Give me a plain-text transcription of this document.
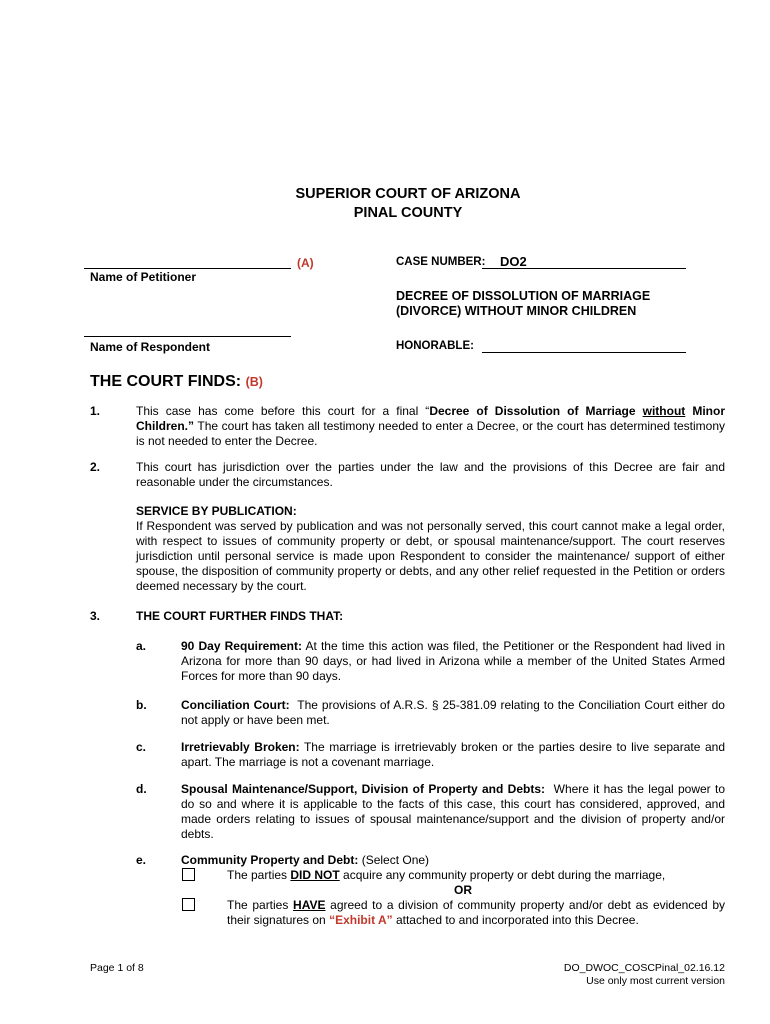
SUPERIOR COURT OF ARIZONA
PINAL COUNTY
(A)
Name of Petitioner
Name of Respondent
CASE NUMBER: DO2
DECREE OF DISSOLUTION OF MARRIAGE
(DIVORCE) WITHOUT MINOR CHILDREN
HONORABLE:
THE COURT FINDS: (B)
1.	This case has come before this court for a final “Decree of Dissolution of Marriage without Minor Children.” The court has taken all testimony needed to enter a Decree, or the court has determined testimony is not needed to enter the Decree.
2.	This court has jurisdiction over the parties under the law and the provisions of this Decree are fair and reasonable under the circumstances.
SERVICE BY PUBLICATION:
If Respondent was served by publication and was not personally served, this court cannot make a legal order, with respect to issues of community property or debt, or spousal maintenance/support. The court reserves jurisdiction until personal service is made upon Respondent to consider the maintenance/ support of either spouse, the disposition of community property or debts, and any other relief requested in the Petition or orders deemed necessary by the court.
3.	THE COURT FURTHER FINDS THAT:
a.	90 Day Requirement: At the time this action was filed, the Petitioner or the Respondent had lived in Arizona for more than 90 days, or had lived in Arizona while a member of the United States Armed Forces for more than 90 days.
b.	Conciliation Court:  The provisions of A.R.S. § 25-381.09 relating to the Conciliation Court either do not apply or have been met.
c.	Irretrievably Broken: The marriage is irretrievably broken or the parties desire to live separate and apart. The marriage is not a covenant marriage.
d.	Spousal Maintenance/Support, Division of Property and Debts:  Where it has the legal power to do so and where it is applicable to the facts of this case, this court has considered, approved, and made orders relating to issues of spousal maintenance/support and the division of property and/or debts.
e.	Community Property and Debt: (Select One)
The parties DID NOT acquire any community property or debt during the marriage,
OR
The parties HAVE agreed to a division of community property and/or debt as evidenced by their signatures on “Exhibit A” attached to and incorporated into this Decree.
Page 1 of 8	DO_DWOC_COSCPinal_02.16.12
Use only most current version
